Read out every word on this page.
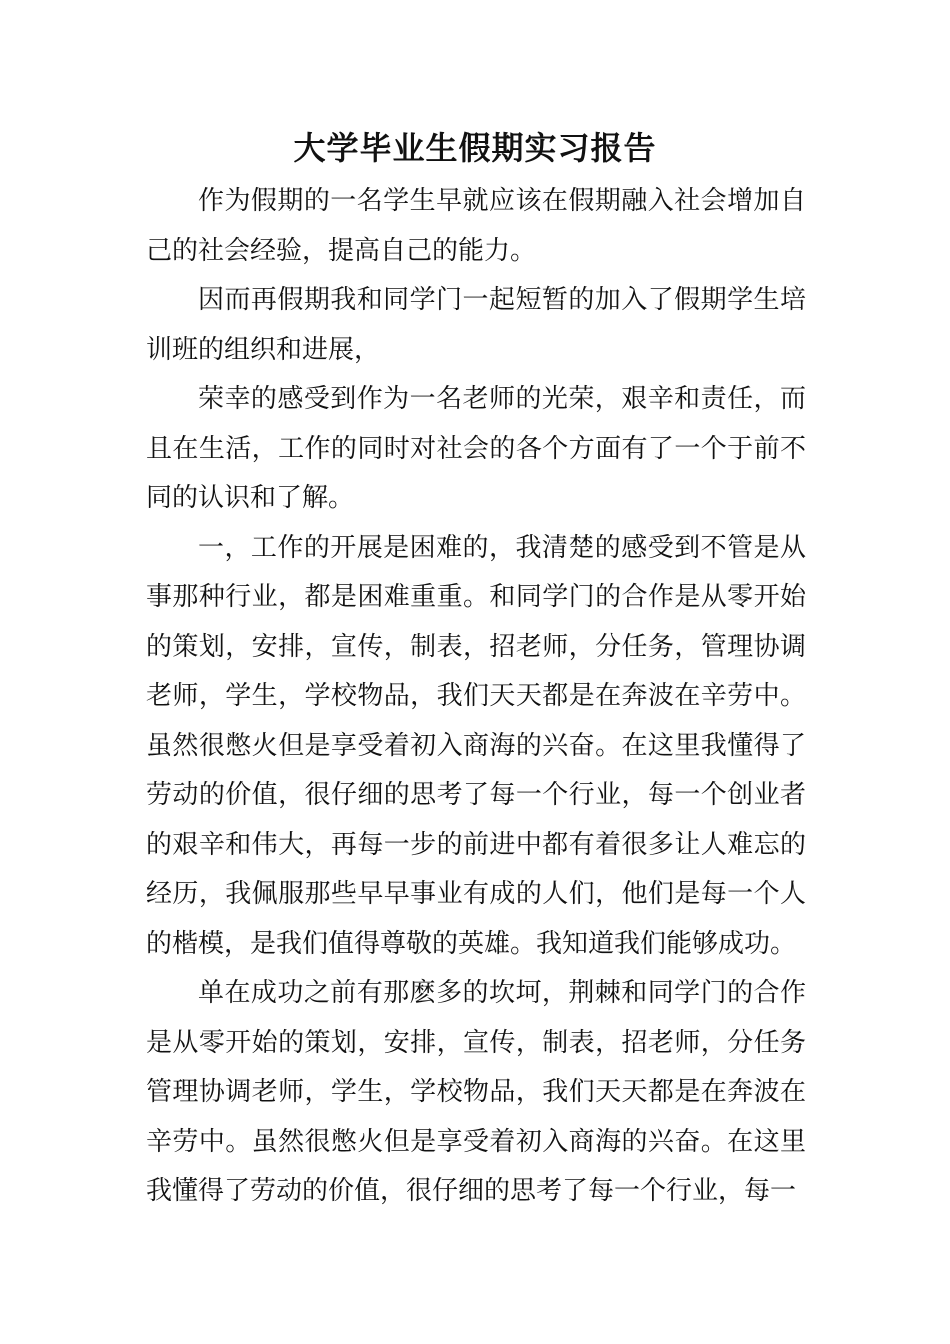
大学毕业生假期实习报告

作为假期的一名学生早就应该在假期融入社会增加自己的社会经验，提高自己的能力。

因而再假期我和同学门一起短暂的加入了假期学生培训班的组织和进展，

荣幸的感受到作为一名老师的光荣，艰辛和责任，而且在生活，工作的同时对社会的各个方面有了一个于前不同的认识和了解。

一，工作的开展是困难的，我清楚的感受到不管是从事那种行业，都是困难重重。和同学门的合作是从零开始的策划，安排，宣传，制表，招老师，分任务，管理协调老师，学生，学校物品，我们天天都是在奔波在辛劳中。虽然很憋火但是享受着初入商海的兴奋。在这里我懂得了劳动的价值，很仔细的思考了每一个行业，每一个创业者的艰辛和伟大，再每一步的前进中都有着很多让人难忘的经历，我佩服那些早早事业有成的人们，他们是每一个人的楷模，是我们值得尊敬的英雄。我知道我们能够成功。

单在成功之前有那麽多的坎坷，荆棘和同学门的合作是从零开始的策划，安排，宣传，制表，招老师，分任务管理协调老师，学生，学校物品，我们天天都是在奔波在辛劳中。虽然很憋火但是享受着初入商海的兴奋。在这里我懂得了劳动的价值，很仔细的思考了每一个行业，每一
